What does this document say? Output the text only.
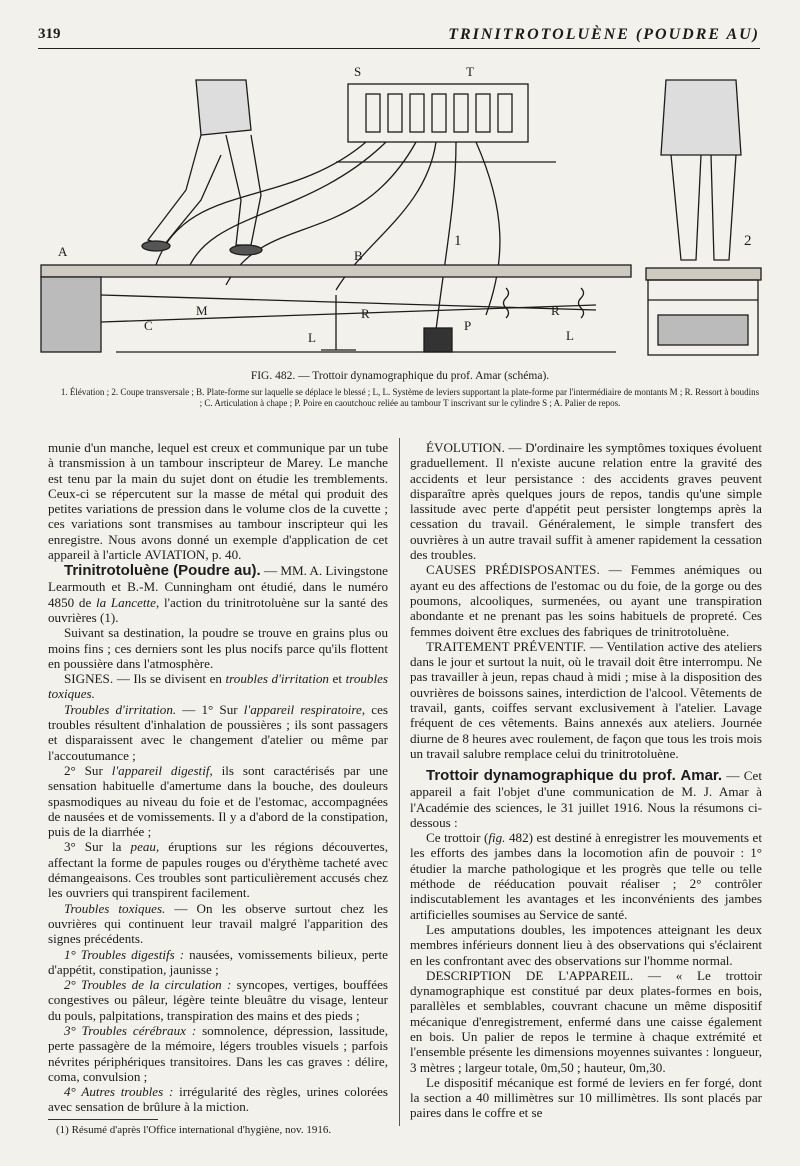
319	TRINITROTOLUÈNE (POUDRE AU)
S	T
A	B
C
M	R	R
L	L
P
1	2
FIG. 482. — Trottoir dynamographique du prof. Amar (schéma).
1. Élévation ; 2. Coupe transversale ; B. Plate-forme sur laquelle se déplace le blessé ; L, L. Système de leviers supportant la plate-forme par l'intermédiaire de montants M ; R. Ressort à boudins ; C. Articulation à chape ; P. Poire en caoutchouc reliée au tambour T inscrivant sur le cylindre S ; A. Palier de repos.

munie d'un manche, lequel est creux et communique par un tube à transmission à un tambour inscripteur de Marey. Le manche est tenu par la main du sujet dont on étudie les tremblements. Ceux-ci se répercutent sur la masse de métal qui produit des petites variations de pression dans le volume clos de la cuvette ; ces variations sont transmises au tambour inscripteur qui les enregistre. Nous avons donné un exemple d'application de cet appareil à l'article AVIATION, p. 40.

Trinitrotoluène (Poudre au). — MM. A. Livingstone Learmouth et B.-M. Cunningham ont étudié, dans le numéro 4850 de la Lancette, l'action du trinitrotoluène sur la santé des ouvrières (1).

Suivant sa destination, la poudre se trouve en grains plus ou moins fins ; ces derniers sont les plus nocifs parce qu'ils flottent en poussière dans l'atmosphère.

SIGNES. — Ils se divisent en troubles d'irritation et troubles toxiques.

Troubles d'irritation. — 1° Sur l'appareil respiratoire, ces troubles résultent d'inhalation de poussières ; ils sont passagers et disparaissent avec le changement d'atelier ou même par l'accoutumance ;

2° Sur l'appareil digestif, ils sont caractérisés par une sensation habituelle d'amertume dans la bouche, des douleurs spasmodiques au niveau du foie et de l'estomac, accompagnées de nausées et de vomissements. Il y a d'abord de la constipation, puis de la diarrhée ;

3° Sur la peau, éruptions sur les régions découvertes, affectant la forme de papules rouges ou d'érythème tacheté avec démangeaisons. Ces troubles sont particulièrement accusés chez les ouvriers qui transpirent facilement.

Troubles toxiques. — On les observe surtout chez les ouvrières qui continuent leur travail malgré l'apparition des signes précédents.

1° Troubles digestifs : nausées, vomissements bilieux, perte d'appétit, constipation, jaunisse ;

2° Troubles de la circulation : syncopes, vertiges, bouffées congestives ou pâleur, légère teinte bleuâtre du visage, lenteur du pouls, palpitations, transpiration des mains et des pieds ;

3° Troubles cérébraux : somnolence, dépression, lassitude, perte passagère de la mémoire, légers troubles visuels ; parfois névrites périphériques transitoires. Dans les cas graves : délire, coma, convulsion ;

4° Autres troubles : irrégularité des règles, urines colorées avec sensation de brûlure à la miction.

(1) Résumé d'après l'Office international d'hygiène, nov. 1916.

ÉVOLUTION. — D'ordinaire les symptômes toxiques évoluent graduellement. Il n'existe aucune relation entre la gravité des accidents et leur persistance : des accidents graves peuvent disparaître après quelques jours de repos, tandis qu'une simple lassitude avec perte d'appétit peut persister longtemps après la cessation du travail. Généralement, le simple transfert des ouvrières à un autre travail suffit à amener rapidement la cessation des troubles.

CAUSES PRÉDISPOSANTES. — Femmes anémiques ou ayant eu des affections de l'estomac ou du foie, de la gorge ou des poumons, alcooliques, surmenées, ou ayant une transpiration abondante et ne prenant pas les soins habituels de propreté. Ces femmes doivent être exclues des fabriques de trinitrotoluène.

TRAITEMENT PRÉVENTIF. — Ventilation active des ateliers dans le jour et surtout la nuit, où le travail doit être interrompu. Ne pas travailler à jeun, repas chaud à midi ; mise à la disposition des ouvrières de boissons saines, interdiction de l'alcool. Vêtements de travail, gants, coiffes servant exclusivement à l'atelier. Lavage fréquent de ces vêtements. Bains annexés aux ateliers. Journée diurne de 8 heures avec roulement, de façon que tous les trois mois un travail salubre remplace celui du trinitrotoluène.

Trottoir dynamographique du prof. Amar. — Cet appareil a fait l'objet d'une communication de M. J. Amar à l'Académie des sciences, le 31 juillet 1916. Nous la résumons ci-dessous :

Ce trottoir (fig. 482) est destiné à enregistrer les mouvements et les efforts des jambes dans la locomotion afin de pouvoir : 1° étudier la marche pathologique et les progrès que telle ou telle méthode de rééducation pouvait réaliser ; 2° contrôler indiscutablement les avantages et les inconvénients des jambes artificielles soumises au Service de santé.

Les amputations doubles, les impotences atteignant les deux membres inférieurs donnent lieu à des observations qui s'éclairent en les confrontant avec des observations sur l'homme normal.

DESCRIPTION DE L'APPAREIL. — « Le trottoir dynamographique est constitué par deux plates-formes en bois, parallèles et semblables, couvrant chacune un même dispositif mécanique d'enregistrement, enfermé dans une caisse également en bois. Un palier de repos le termine à chaque extrémité et l'ensemble présente les dimensions moyennes suivantes : longueur, 3 mètres ; largeur totale, 0m,50 ; hauteur, 0m,30.

Le dispositif mécanique est formé de leviers en fer forgé, dont la section a 40 millimètres sur 10 millimètres. Ils sont placés par paires dans le coffre et se
